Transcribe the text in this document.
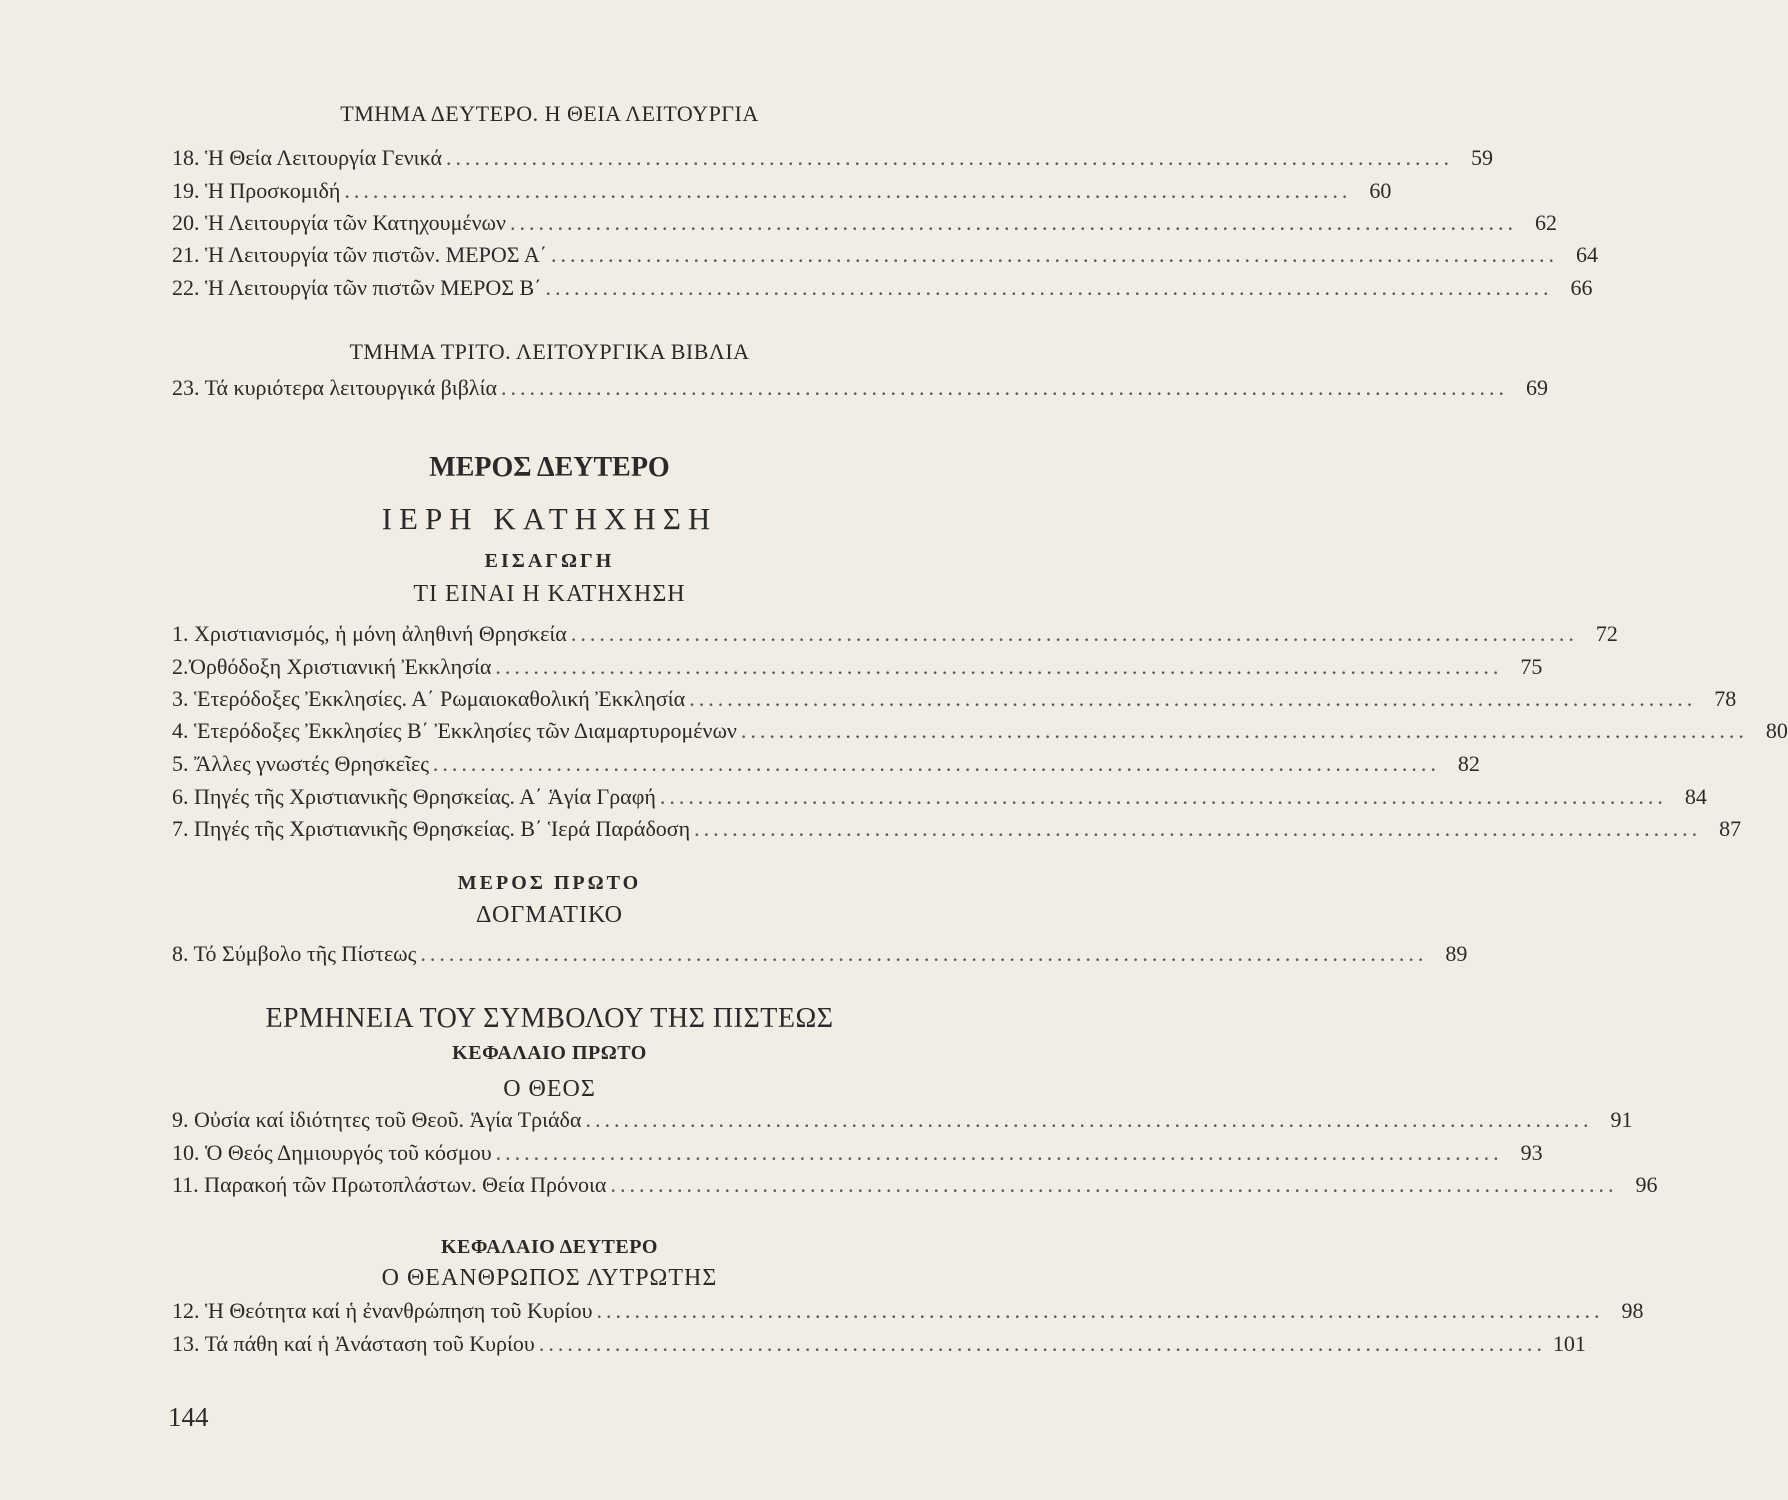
ΤΜΗΜΑ ΔΕΥΤΕΡΟ. Η ΘΕΙΑ ΛΕΙΤΟΥΡΓΙΑ
18. Ἡ Θεία Λειτουργία Γενικά .......................................................................................................... 59
19. Ἡ Προσκομιδή .......................................................................................................... 60
20. Ἡ Λειτουργία τῶν Κατηχουμένων .......................................................................................................... 62
21. Ἡ Λειτουργία τῶν πιστῶν. ΜΕΡΟΣ Α΄ .......................................................................................................... 64
22. Ἡ Λειτουργία τῶν πιστῶν ΜΕΡΟΣ Β΄ .......................................................................................................... 66
ΤΜΗΜΑ ΤΡΙΤΟ. ΛΕΙΤΟΥΡΓΙΚΑ ΒΙΒΛΙΑ
23. Τά κυριότερα λειτουργικά βιβλία .......................................................................................................... 69
ΜΕΡΟΣ ΔΕΥΤΕΡΟ
ΙΕΡΗ ΚΑΤΗΧΗΣΗ
ΕΙΣΑΓΩΓΗ
ΤΙ ΕΙΝΑΙ Η ΚΑΤΗΧΗΣΗ
1. Χριστιανισμός, ἡ μόνη ἀληθινή Θρησκεία .......................................................................................................... 72
2.Ὀρθόδοξη Χριστιανική Ἐκκλησία .......................................................................................................... 75
3. Ἑτερόδοξες Ἐκκλησίες. Α΄ Ρωμαιοκαθολική Ἐκκλησία .......................................................................................................... 78
4. Ἑτερόδοξες Ἐκκλησίες Β΄ Ἐκκλησίες τῶν Διαμαρτυρομένων .......................................................................................................... 80
5. Ἄλλες γνωστές Θρησκεῖες .......................................................................................................... 82
6. Πηγές τῆς Χριστιανικῆς Θρησκείας. Α΄ Ἁγία Γραφή .......................................................................................................... 84
7. Πηγές τῆς Χριστιανικῆς Θρησκείας. Β΄ Ἱερά Παράδοση .......................................................................................................... 87
ΜΕΡΟΣ ΠΡΩΤΟ
ΔΟΓΜΑΤΙΚΟ
8. Τό Σύμβολο τῆς Πίστεως .......................................................................................................... 89
ΕΡΜΗΝΕΙΑ ΤΟΥ ΣΥΜΒΟΛΟΥ ΤΗΣ ΠΙΣΤΕΩΣ
ΚΕΦΑΛΑΙΟ ΠΡΩΤΟ
Ο ΘΕΟΣ
9. Οὐσία καί ἰδιότητες τοῦ Θεοῦ. Ἁγία Τριάδα .......................................................................................................... 91
10. Ὁ Θεός Δημιουργός τοῦ κόσμου .......................................................................................................... 93
11. Παρακοή τῶν Πρωτοπλάστων. Θεία Πρόνοια .......................................................................................................... 96
ΚΕΦΑΛΑΙΟ ΔΕΥΤΕΡΟ
Ο ΘΕΑΝΘΡΩΠΟΣ ΛΥΤΡΩΤΗΣ
12. Ἡ Θεότητα καί ἡ ἐνανθρώπηση τοῦ Κυρίου .......................................................................................................... 98
13. Τά πάθη καί ἡ Ἀνάσταση τοῦ Κυρίου .......................................................................................................... 101
144
